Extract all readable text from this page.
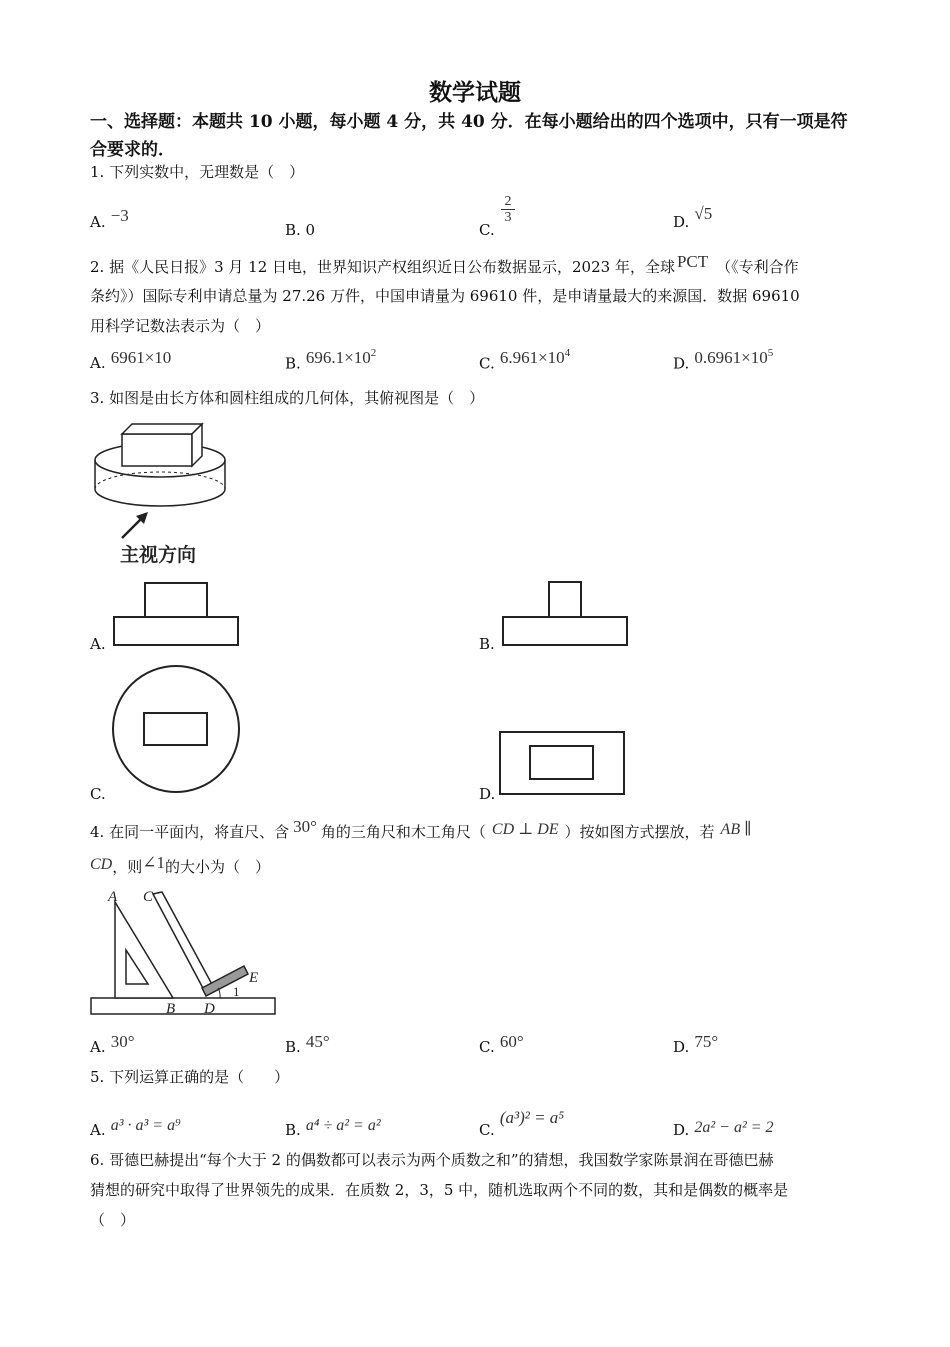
数学试题
一、选择题：本题共 10 小题，每小题 4 分，共 40 分．在每小题给出的四个选项中，只有一项是符合要求的．
1. 下列实数中，无理数是（　）
A. −3
B. 0	C.
$\frac{2}{3}$	D. √5
2. 据《人民日报》3 月 12 日电，世界知识产权组织近日公布数据显示，2023 年，全球 PCT （《专利合作
条约》）国际专利申请总量为 27.26 万件，中国申请量为 69610 件，是申请量最大的来源国．数据 69610
用科学记数法表示为（　）
A. 6961×10	B. $696.1\times 10^2$
C. $6.961\times 10^4$
D. $0.6961\times 10^5$
3. 如图是由长方体和圆柱组成的几何体，其俯视图是（　）
主视方向
A.	B.
C.	D.
4. 在同一平面内，将直尺、含 30° 角的三角尺和木工角尺（ CD ⊥ DE ）按如图方式摆放，若 AB ∥
CD，则∠1的大小为（　）
A C
E
1
B D
A. 30°	B. 45°	C. 60°	D. 75°
5. 下列运算正确的是（　　）
A. a³ · a³ = a⁹	B. a⁴ ÷ a² = a²	C. (a³)² = a⁵
D. 2a² − a² = 2
6. 哥德巴赫提出“每个大于 2 的偶数都可以表示为两个质数之和”的猜想，我国数学家陈景润在哥德巴赫
猜想的研究中取得了世界领先的成果．在质数 2，3，5 中，随机选取两个不同的数，其和是偶数的概率是
（　）
